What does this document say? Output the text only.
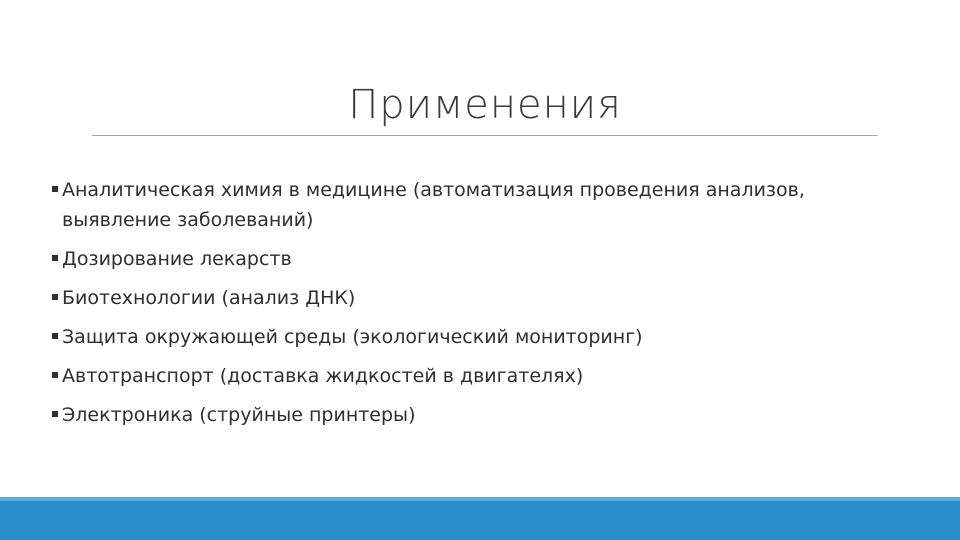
Применения
Аналитическая химия в медицине (автоматизация проведения анализов, выявление заболеваний)
Дозирование лекарств
Биотехнологии (анализ ДНК)
Защита окружающей среды (экологический мониторинг)
Автотранспорт (доставка жидкостей в двигателях)
Электроника (струйные принтеры)
